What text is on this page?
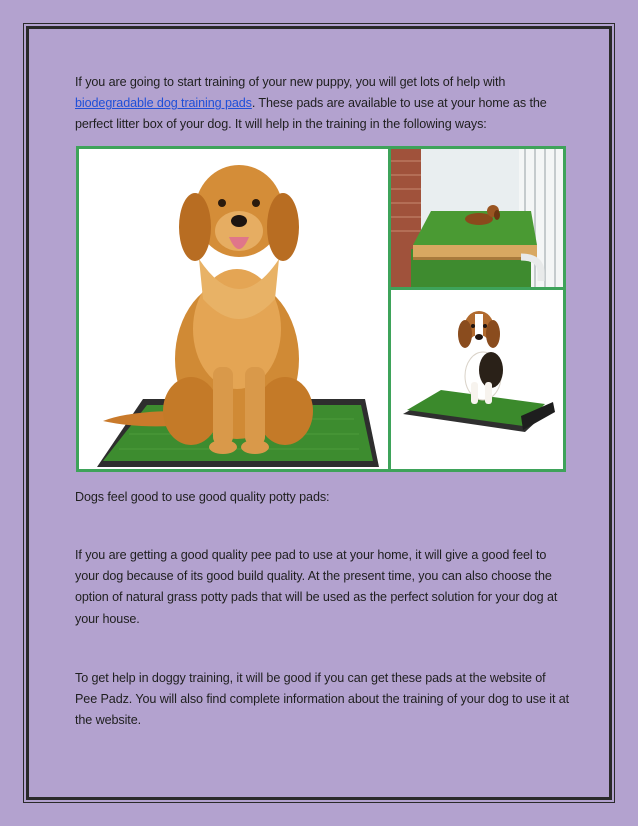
If you are going to start training of your new puppy, you will get lots of help with biodegradable dog training pads. These pads are available to use at your home as the perfect litter box of your dog. It will help in the training in the following ways:

Dogs feel good to use good quality potty pads:

If you are getting a good quality pee pad to use at your home, it will give a good feel to your dog because of its good build quality. At the present time, you can also choose the option of natural grass potty pads that will be used as the perfect solution for your dog at your house.

To get help in doggy training, it will be good if you can get these pads at the website of Pee Padz. You will also find complete information about the training of your dog to use it at the website.
